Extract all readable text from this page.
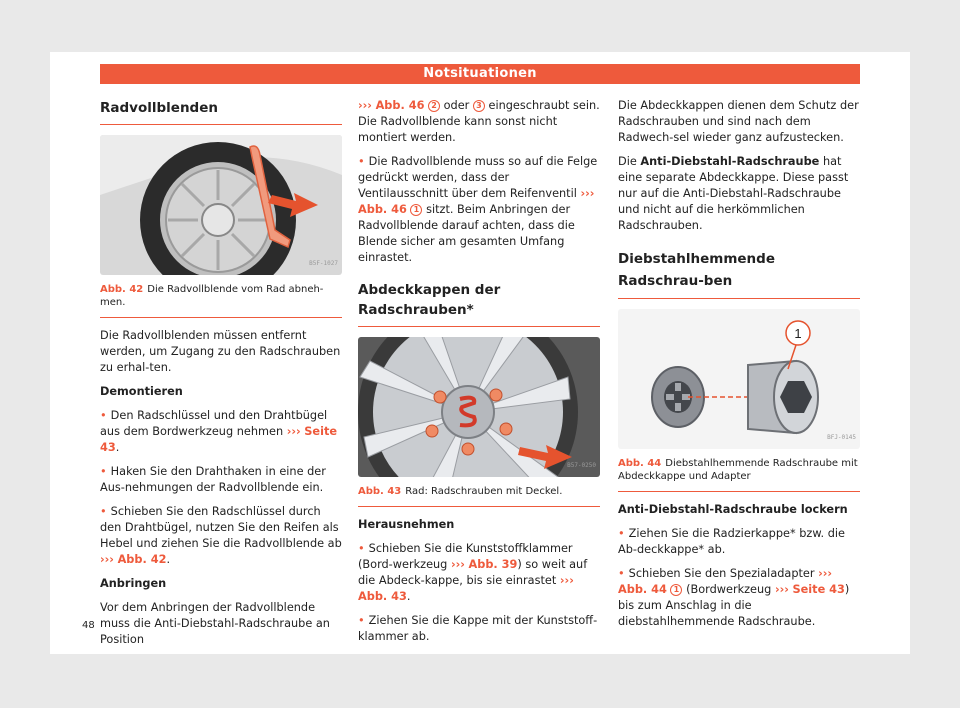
Notsituationen
Radvollblenden
B5F-1027
Abb. 42 Die Radvollblende vom Rad abneh-men.

Die Radvollblenden müssen entfernt werden, um Zugang zu den Radschrauben zu erhal-ten.

Demontieren

• Den Radschlüssel und den Drahtbügel aus dem Bordwerkzeug nehmen ››› Seite 43.

• Haken Sie den Drahthaken in eine der Aus-nehmungen der Radvollblende ein.

• Schieben Sie den Radschlüssel durch den Drahtbügel, nutzen Sie den Reifen als Hebel und ziehen Sie die Radvollblende ab ››› Abb. 42.

Anbringen

Vor dem Anbringen der Radvollblende muss die Anti-Diebstahl-Radschraube an Position

››› Abb. 46 2 oder 3 eingeschraubt sein. Die Radvollblende kann sonst nicht montiert werden.

• Die Radvollblende muss so auf die Felge gedrückt werden, dass der Ventilausschnitt über dem Reifenventil ››› Abb. 46 1 sitzt. Beim Anbringen der Radvollblende darauf achten, dass die Blende sicher am gesamten Umfang einrastet.

Abdeckkappen der Radschrauben*
B57-0250
Abb. 43 Rad: Radschrauben mit Deckel.

Herausnehmen

• Schieben Sie die Kunststoffklammer (Bord-werkzeug ››› Abb. 39) so weit auf die Abdeck-kappe, bis sie einrastet ››› Abb. 43.

• Ziehen Sie die Kappe mit der Kunststoff-klammer ab.

Die Abdeckkappen dienen dem Schutz der Radschrauben und sind nach dem Radwech-sel wieder ganz aufzustecken.

Die Anti-Diebstahl-Radschraube hat eine separate Abdeckkappe. Diese passt nur auf die Anti-Diebstahl-Radschraube und nicht auf die herkömmlichen Radschrauben.

Diebstahlhemmende Radschrau-ben
1
BFJ-0145
Abb. 44 Diebstahlhemmende Radschraube mit Abdeckkappe und Adapter

Anti-Diebstahl-Radschraube lockern

• Ziehen Sie die Radzierkappe* bzw. die Ab-deckkappe* ab.

• Schieben Sie den Spezialadapter ››› Abb. 44 1 (Bordwerkzeug ››› Seite 43) bis zum Anschlag in die diebstahlhemmende Radschraube.

48
